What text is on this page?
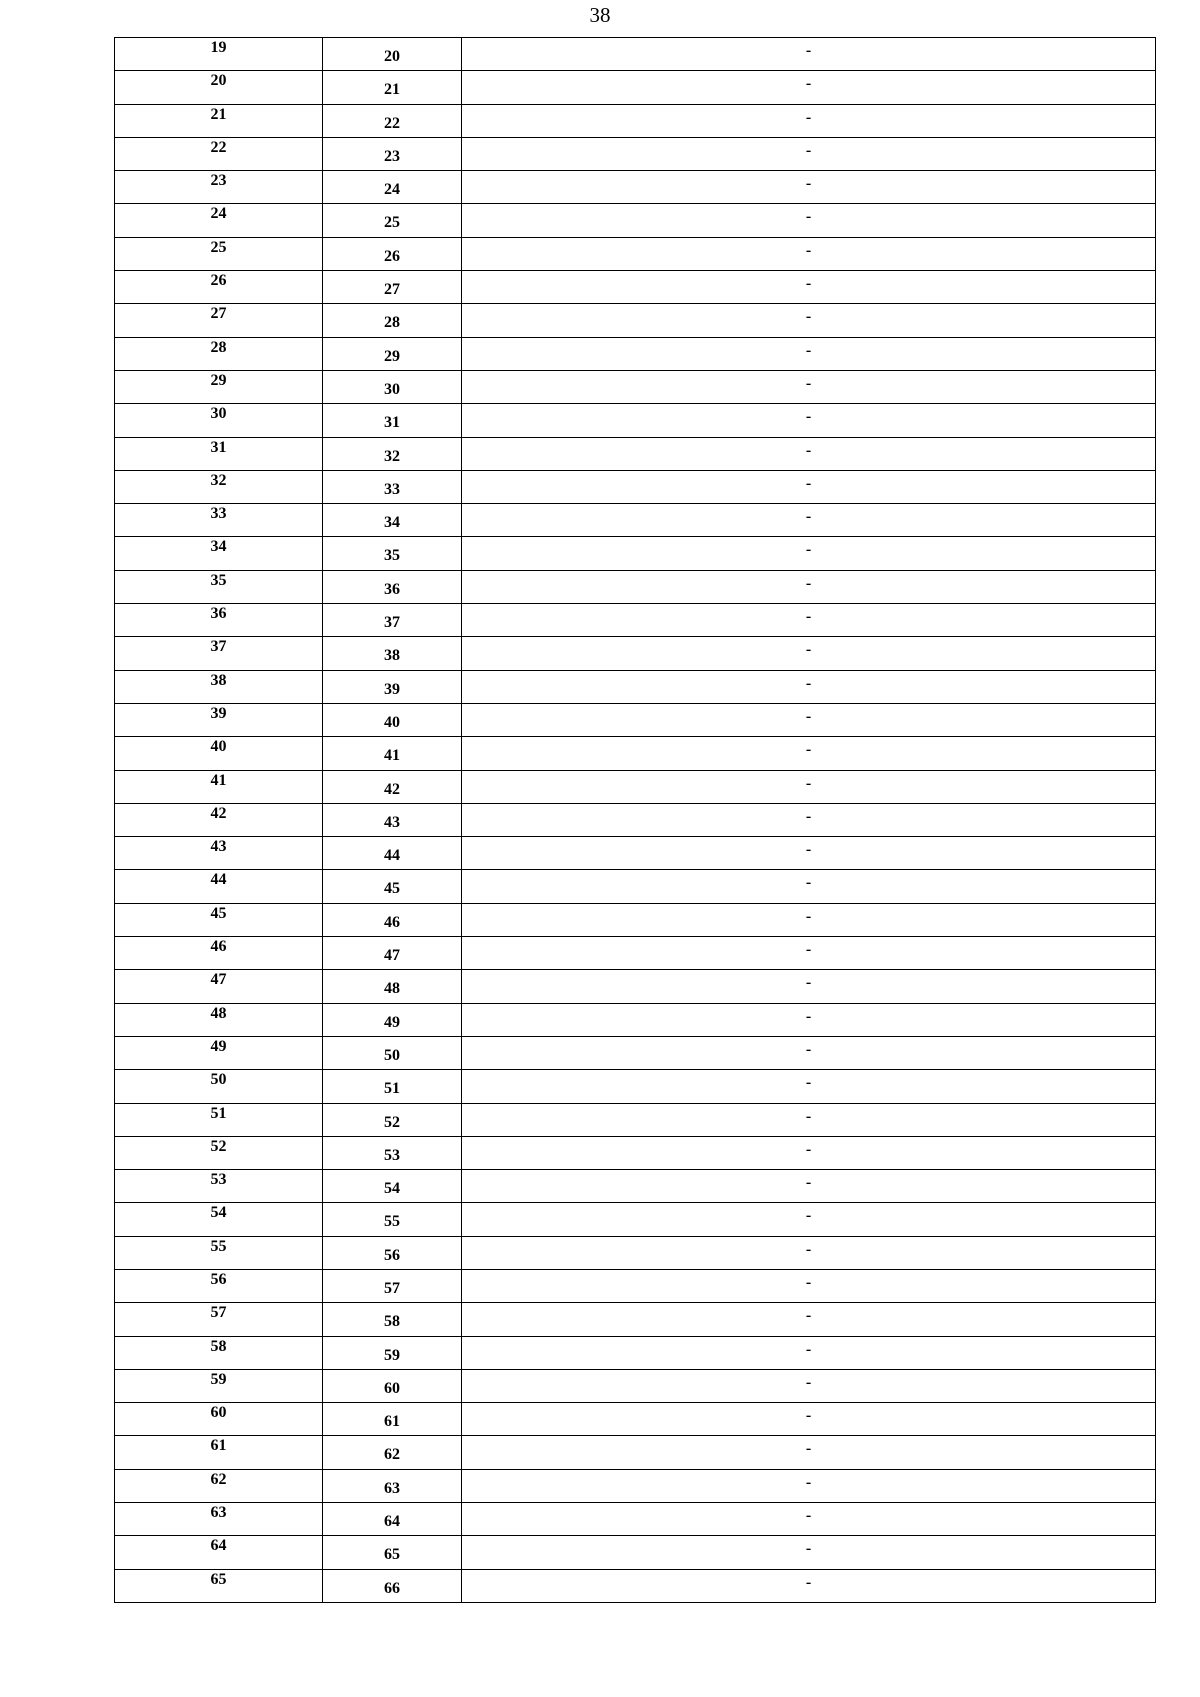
38
19	20	-

20	21	-

21	22	-

22	23	-

23	24	-

24	25	-

25	26	-

26	27	-

27	28	-

28	29	-

29	30	-

30	31	-

31	32	-

32	33	-

33	34	-

34	35	-

35	36	-

36	37	-

37	38	-

38	39	-

39	40	-

40	41	-

41	42	-

42	43	-

43	44	-

44	45	-

45	46	-

46	47	-

47	48	-

48	49	-

49	50	-

50	51	-

51	52	-

52	53	-

53	54	-

54	55	-

55	56	-

56	57	-

57	58	-

58	59	-

59	60	-

60	61	-

61	62	-

62	63	-

63	64	-

64	65	-

65	66	-
